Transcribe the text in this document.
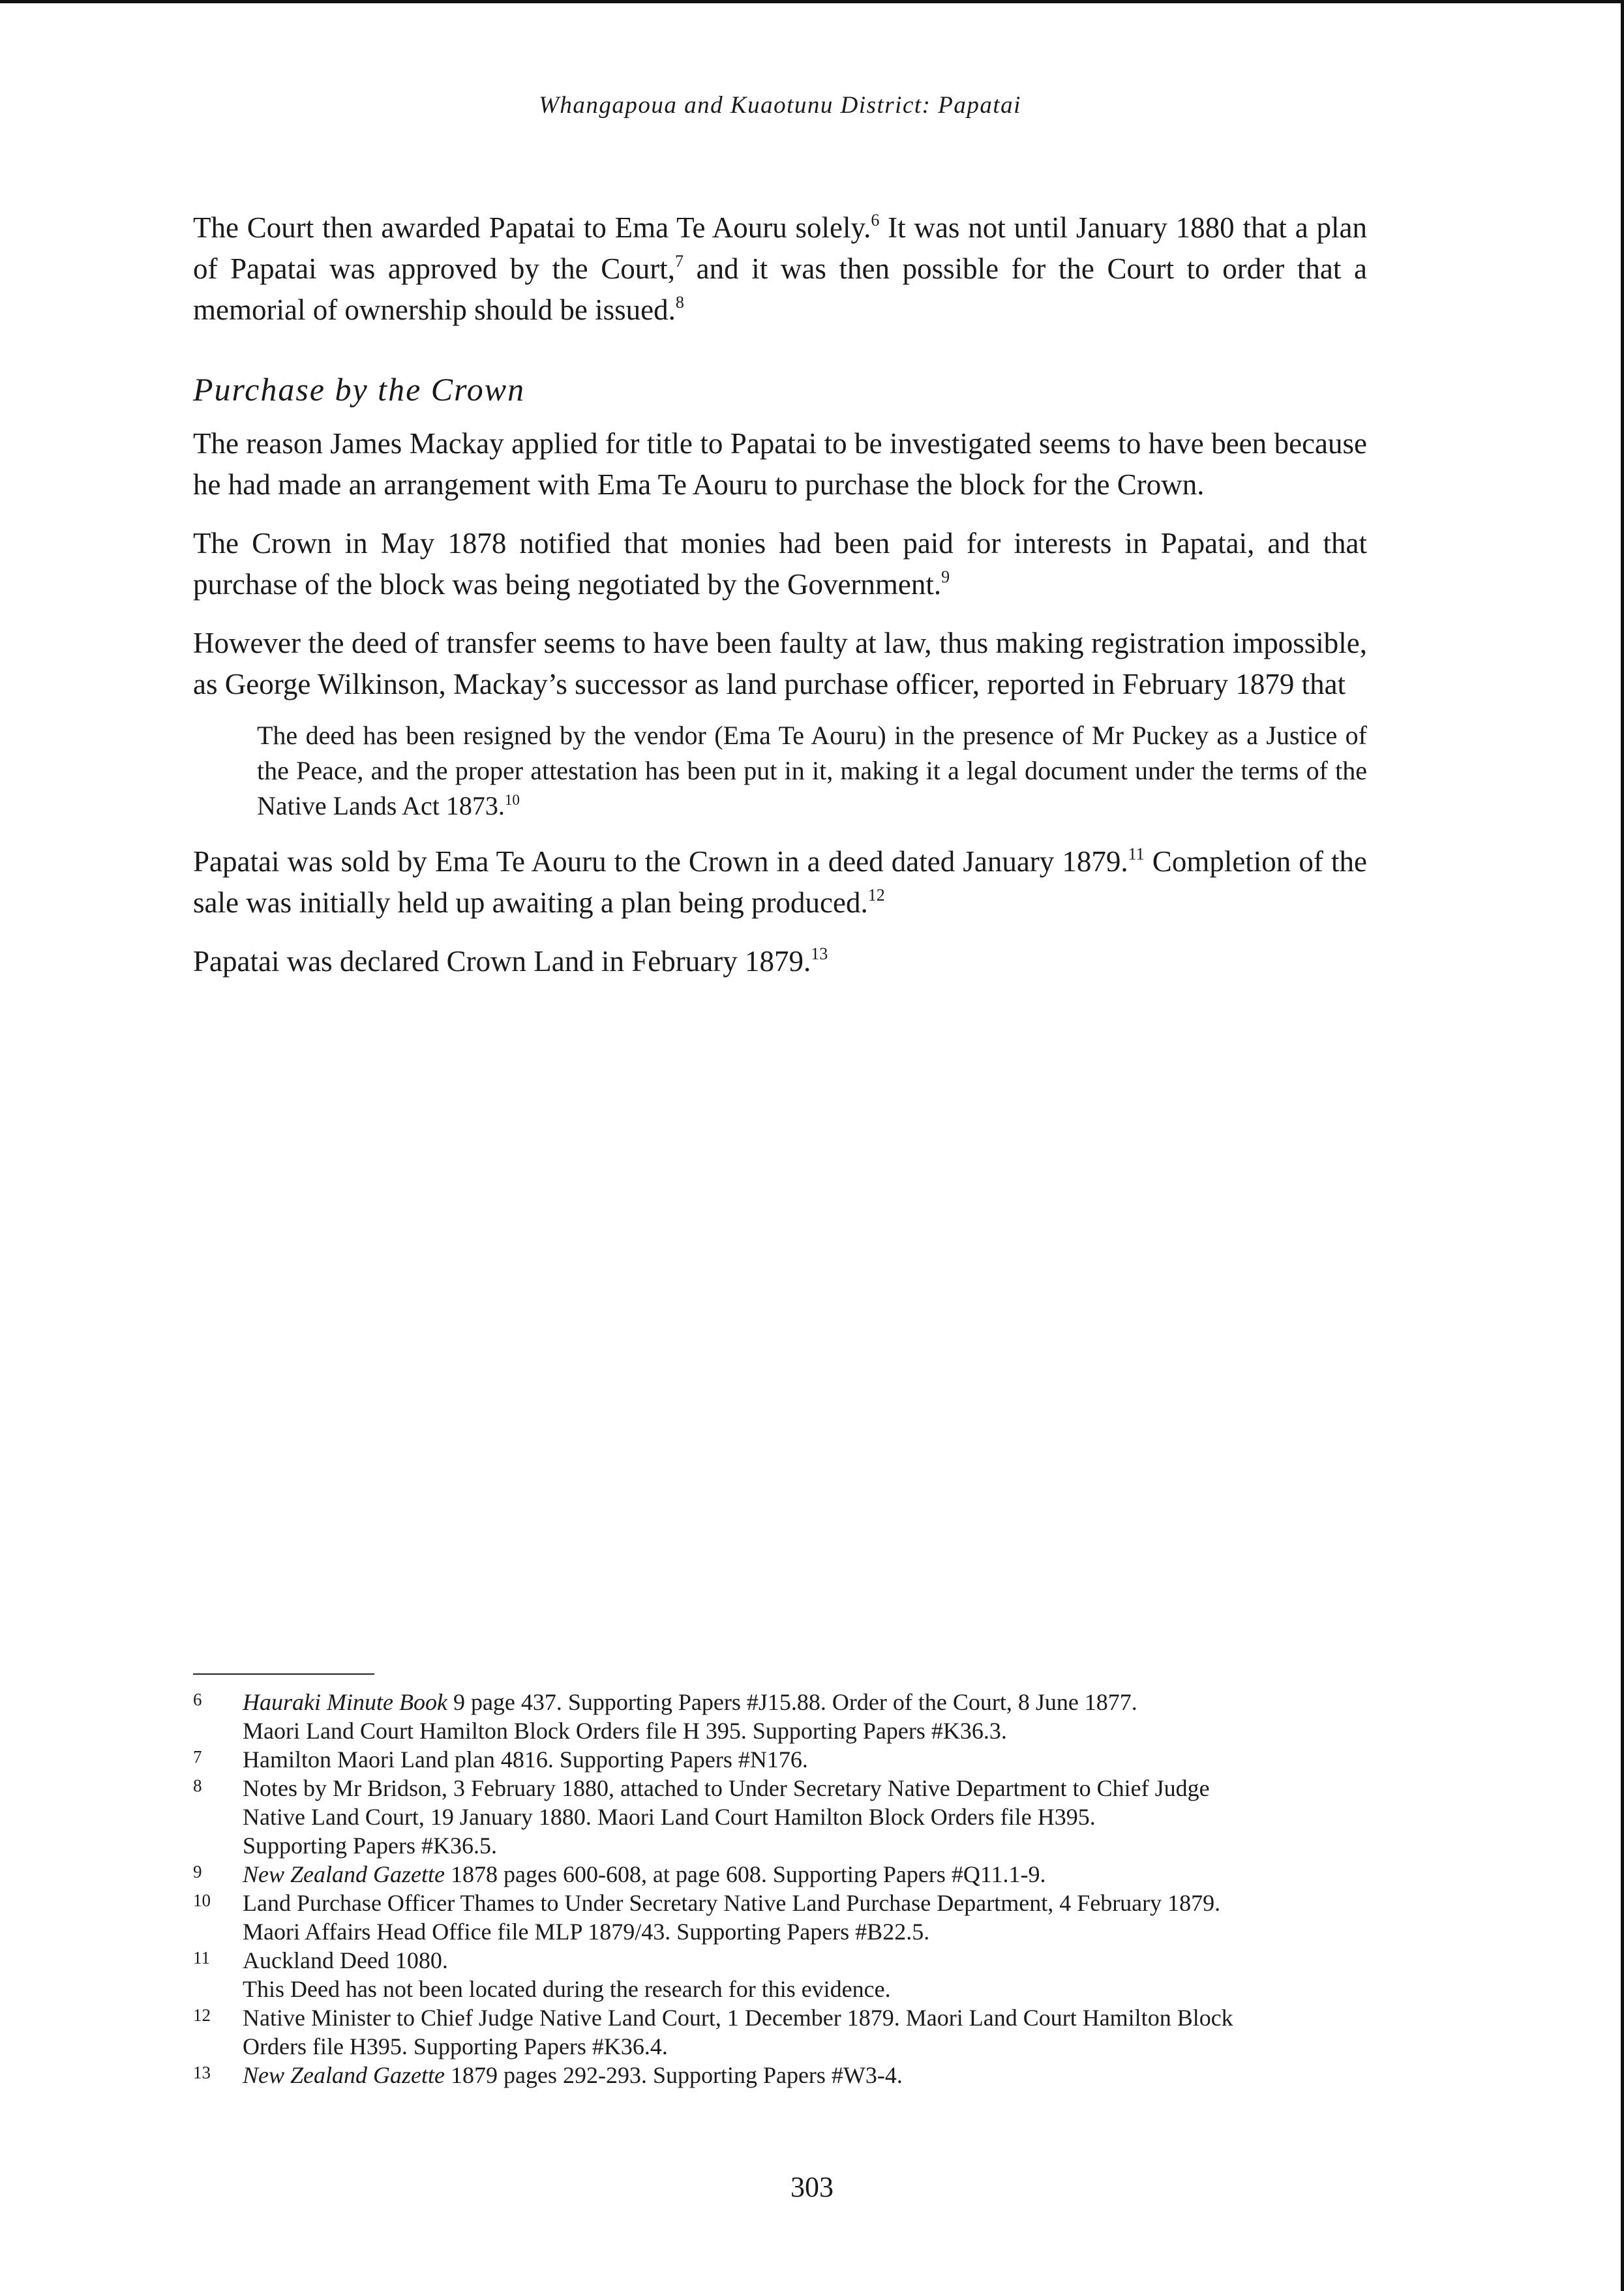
Whangapoua and Kuaotunu District: Papatai

The Court then awarded Papatai to Ema Te Aouru solely.$^6$ It was not until January 1880 that a plan of Papatai was approved by the Court,$^7$ and it was then possible for the Court to order that a memorial of ownership should be issued.$^8$

Purchase by the Crown

The reason James Mackay applied for title to Papatai to be investigated seems to have been because he had made an arrangement with Ema Te Aouru to purchase the block for the Crown.

The Crown in May 1878 notified that monies had been paid for interests in Papatai, and that purchase of the block was being negotiated by the Government.$^9$

However the deed of transfer seems to have been faulty at law, thus making registration impossible, as George Wilkinson, Mackay’s successor as land purchase officer, reported in February 1879 that

The deed has been resigned by the vendor (Ema Te Aouru) in the presence of Mr Puckey as a Justice of the Peace, and the proper attestation has been put in it, making it a legal document under the terms of the Native Lands Act 1873.10

Papatai was sold by Ema Te Aouru to the Crown in a deed dated January 1879.11 Completion of the sale was initially held up awaiting a plan being produced.$^{12}$

Papatai was declared Crown Land in February 1879.13

6 Hauraki Minute Book 9 page 437. Supporting Papers #J15.88. Order of the Court, 8 June 1877.
Maori Land Court Hamilton Block Orders file H 395. Supporting Papers #K36.3.
7 Hamilton Maori Land plan 4816. Supporting Papers #N176.
8 Notes by Mr Bridson, 3 February 1880, attached to Under Secretary Native Department to Chief Judge
Native Land Court, 19 January 1880. Maori Land Court Hamilton Block Orders file H395.
Supporting Papers #K36.5.
9 New Zealand Gazette 1878 pages 600-608, at page 608. Supporting Papers #Q11.1-9.
10 Land Purchase Officer Thames to Under Secretary Native Land Purchase Department, 4 February 1879.
Maori Affairs Head Office file MLP 1879/43. Supporting Papers #B22.5.
11 Auckland Deed 1080.
This Deed has not been located during the research for this evidence.
12 Native Minister to Chief Judge Native Land Court, 1 December 1879. Maori Land Court Hamilton Block
Orders file H395. Supporting Papers #K36.4.
13 New Zealand Gazette 1879 pages 292-293. Supporting Papers #W3-4.
303
